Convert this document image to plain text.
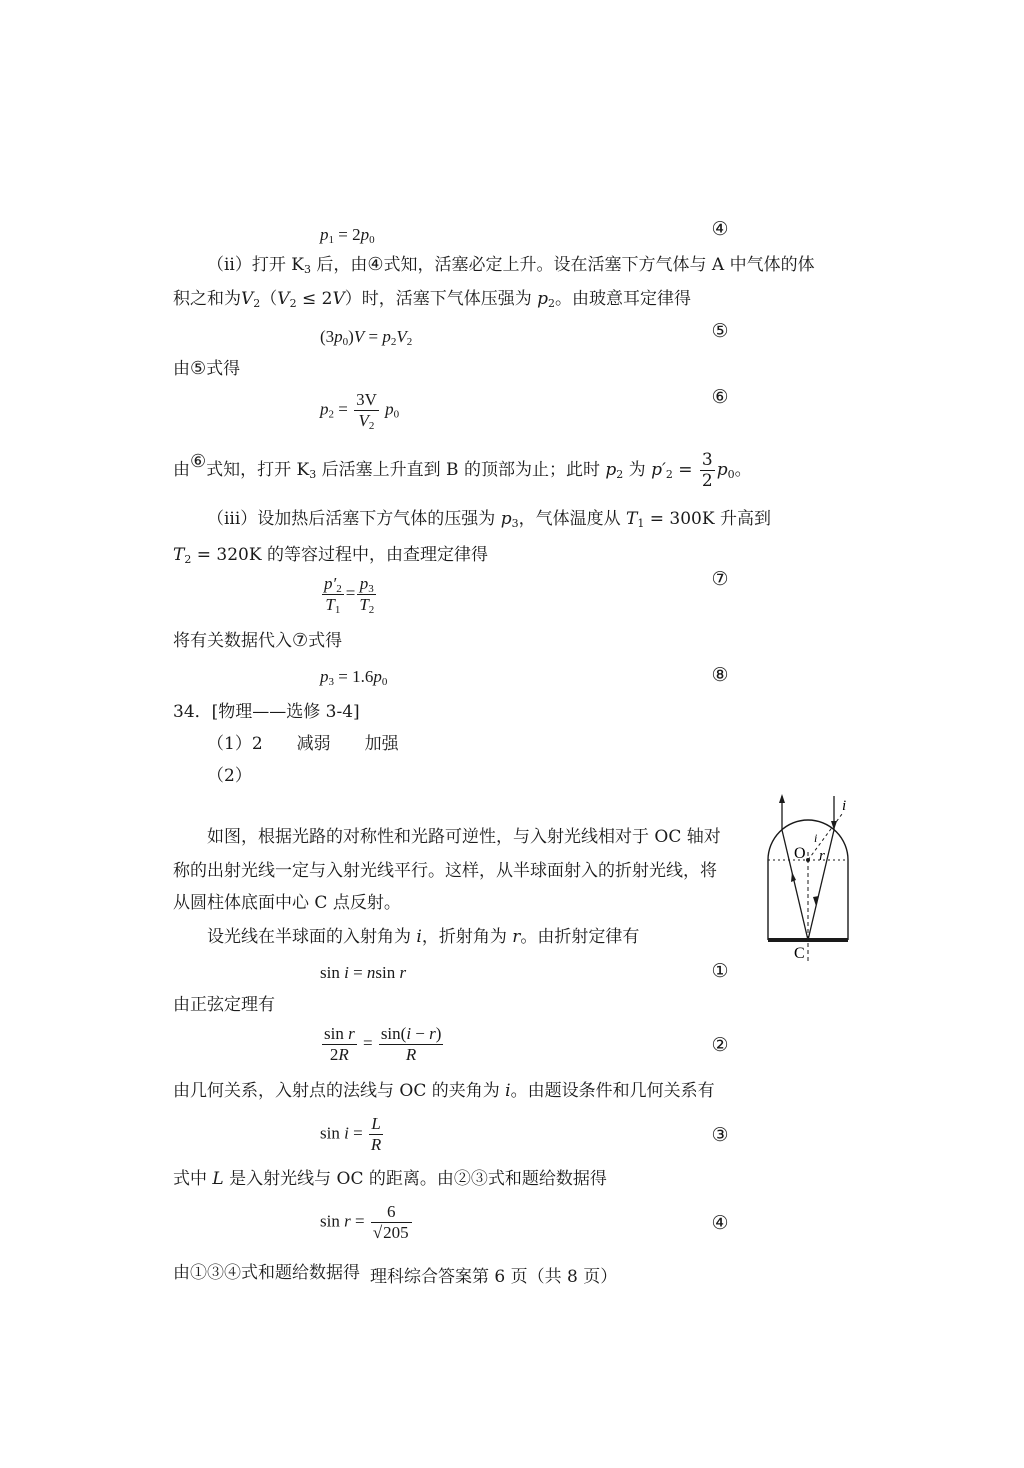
$p_1 = 2p_0$	④
（ii）打开 $K_3$ 后，由④式知，活塞必定上升。设在活塞下方气体与 A 中气体的体
积之和为$V_2(V_2 \le 2V)$时，活塞下气体压强为 $p_2$。由玻意耳定律得
$(3p_0)V = p_2V_2$	⑤
由⑤式得
$p_2 = \frac{3V}{V_2} p_0$
⑥
由⑥式知，打开 $K_3$ 后活塞上升直到 B 的顶部为止；此时 $p_2$ 为 $p'_2 = \frac{3}{2} p_0$。
（iii）设加热后活塞下方气体的压强为 $p_3$，气体温度从 $T_1 = 300K$ 升高到
$T_2 = 320K$ 的等容过程中，由查理定律得
$\frac{p'_2}{T_1} = \frac{p_3}{T_2}$	⑦
将有关数据代入⑦式得
$p_3 = 1.6p_0$	⑧
34．[物理——选修 3-4]
（1）2　　减弱　　加强
（2）
如图，根据光路的对称性和光路可逆性，与入射光线相对于 OC 轴对
称的出射光线一定与入射光线平行。这样，从半球面射入的折射光线，将
从圆柱体底面中心 C 点反射。
设光线在半球面的入射角为 i，折射角为 r。由折射定律有
sin i = nsin r	①
由正弦定理有
$\frac{\text{sin r}}{2R} = \frac{\sin(i - r)}{R}$	②
由几何关系，入射点的法线与 OC 的夹角为 i。由题设条件和几何关系有
$\sin i = \frac{L}{R}$	③
式中 L 是入射光线与 OC 的距离。由②③式和题给数据得
$\sin r = \frac{6}{√205}$	④
由①③④式和题给数据得 理科综合答案第 6 页（共 8 页）
i
i
r
O
C
